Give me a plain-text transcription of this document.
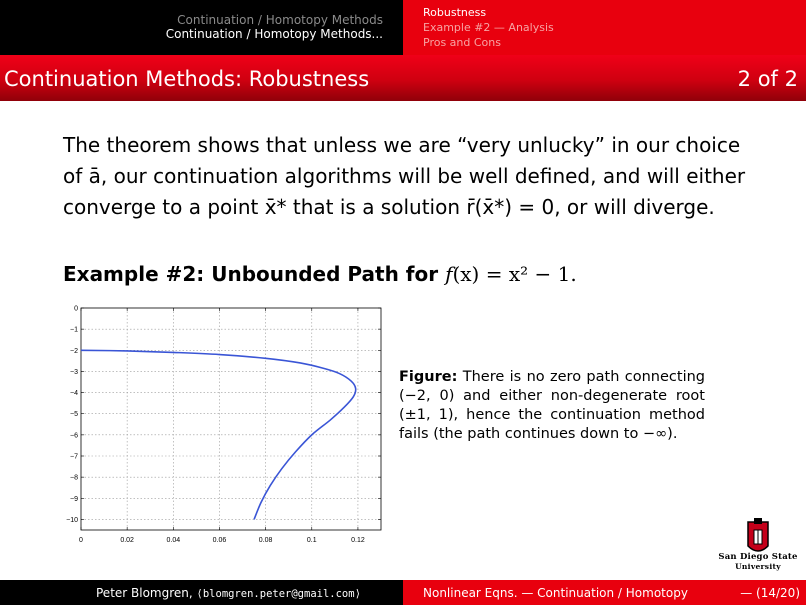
Continuation / Homotopy Methods
Continuation / Homotopy Methods...
Robustness
Example #2 — Analysis
Pros and Cons
Continuation Methods: Robustness	2 of 2
The theorem shows that unless we are “very unlucky” in our choice of ā, our continuation algorithms will be well defined, and will either converge to a point x̄* that is a solution r̄(x̄*) = 0, or will diverge.
Example #2: Unbounded Path for f(x) = x² − 1.
0	0.02	0.04	0.06	0.08	0.1	0.12
0
−1
−2
−3
−4
−5
−6
−7
−8
−9
−10
Figure: There is no zero path connecting (−2, 0) and either non-degenerate root (±1, 1), hence the continuation method fails (the path continues down to −∞).
San Diego State
University
Peter Blomgren, ⟨blomgren.peter@gmail.com⟩	Nonlinear Eqns. — Continuation / Homotopy	— (14/20)
